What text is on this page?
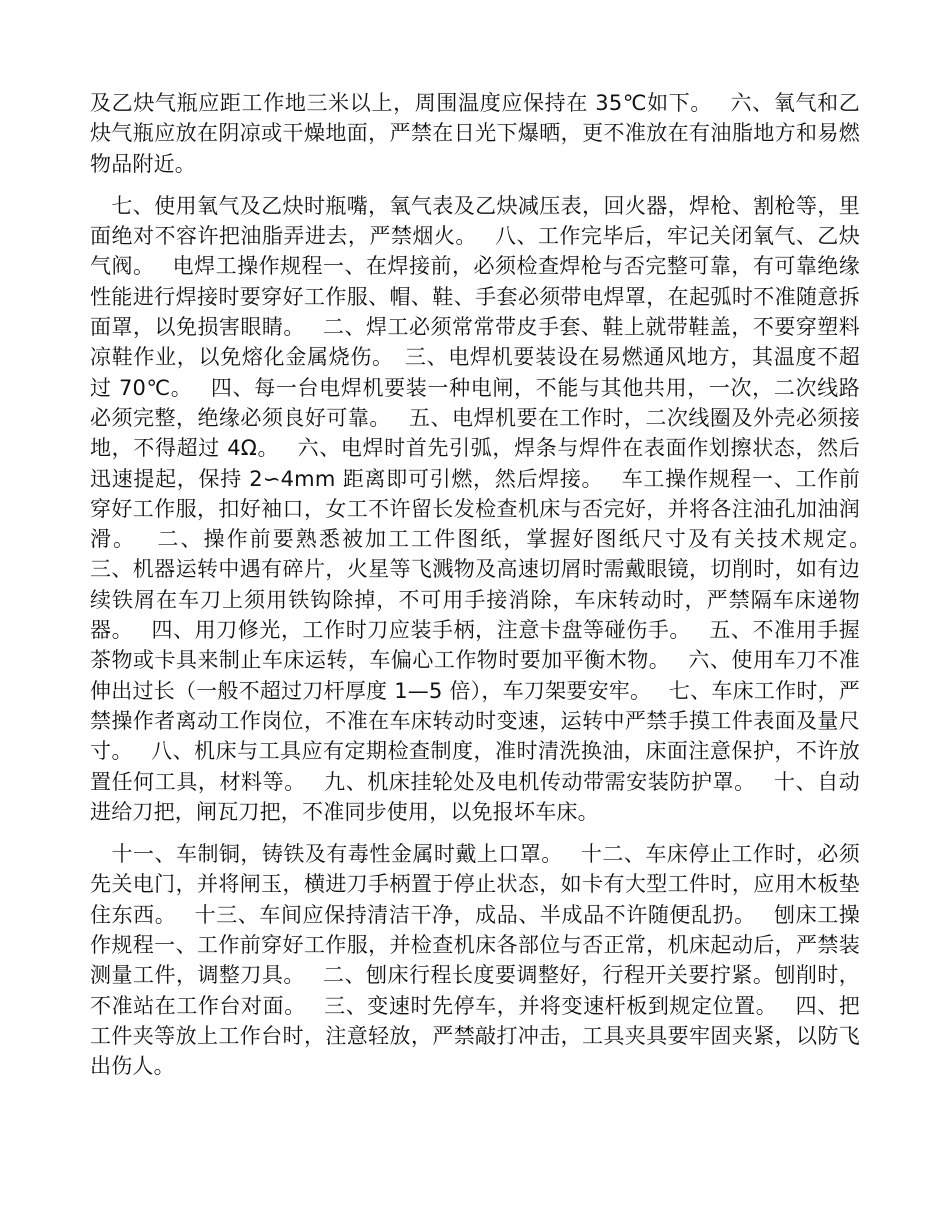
及乙炔气瓶应距工作地三米以上，周围温度应保持在 35℃如下。　 六、氧气和乙炔气瓶应放在阴凉或干燥地面，严禁在日光下爆晒，更不准放在有油脂地方和易燃物品附近。

　七、使用氧气及乙炔时瓶嘴，氧气表及乙炔减压表，回火器，焊枪、割枪等，里面绝对不容许把油脂弄进去，严禁烟火。　 八、工作完毕后，牢记关闭氧气、乙炔气阀。　 电焊工操作规程一、在焊接前，必须检查焊枪与否完整可靠，有可靠绝缘性能进行焊接时要穿好工作服、帽、鞋、手套必须带电焊罩，在起弧时不准随意拆面罩，以免损害眼睛。　 二、焊工必须常常带皮手套、鞋上就带鞋盖，不要穿塑料凉鞋作业，以免熔化金属烧伤。　三、电焊机要装设在易燃通风地方，其温度不超过 70℃。　 四、每一台电焊机要装一种电闸，不能与其他共用，一次，二次线路必须完整，绝缘必须良好可靠。　 五、电焊机要在工作时，二次线圈及外壳必须接地，不得超过 4Ω。　 六、电焊时首先引弧，焊条与焊件在表面作划擦状态，然后迅速提起，保持 2∽4mm 距离即可引燃，然后焊接。　 车工操作规程一、工作前穿好工作服，扣好袖口，女工不许留长发检查机床与否完好，并将各注油孔加油润滑。　 二、操作前要熟悉被加工工件图纸，掌握好图纸尺寸及有关技术规定。　 三、机器运转中遇有碎片，火星等飞溅物及高速切屑时需戴眼镜，切削时，如有边续铁屑在车刀上须用铁钩除掉，不可用手接消除，车床转动时，严禁隔车床递物器。　 四、用刀修光，工作时刀应装手柄，注意卡盘等碰伤手。　 五、不准用手握茶物或卡具来制止车床运转，车偏心工作物时要加平衡木物。　 六、使用车刀不准伸出过长（一般不超过刀杆厚度 1—5 倍），车刀架要安牢。　 七、车床工作时，严禁操作者离动工作岗位，不准在车床转动时变速，运转中严禁手摸工件表面及量尺寸。　 八、机床与工具应有定期检查制度，准时清洗换油，床面注意保护，不许放置任何工具，材料等。　 九、机床挂轮处及电机传动带需安装防护罩。　 十、自动进给刀把，闸瓦刀把，不准同步使用，以免报坏车床。

　十一、车制铜，铸铁及有毒性金属时戴上口罩。　 十二、车床停止工作时，必须先关电门，并将闸玉，横进刀手柄置于停止状态，如卡有大型工件时，应用木板垫住东西。　 十三、车间应保持清洁干净，成品、半成品不许随便乱扔。　 刨床工操作规程一、工作前穿好工作服，并检查机床各部位与否正常，机床起动后，严禁装测量工件，调整刀具。　 二、刨床行程长度要调整好，行程开关要拧紧。刨削时，不准站在工作台对面。　 三、变速时先停车，并将变速杆板到规定位置。　 四、把工件夹等放上工作台时，注意轻放，严禁敲打冲击，工具夹具要牢固夹紧，以防飞出伤人。
